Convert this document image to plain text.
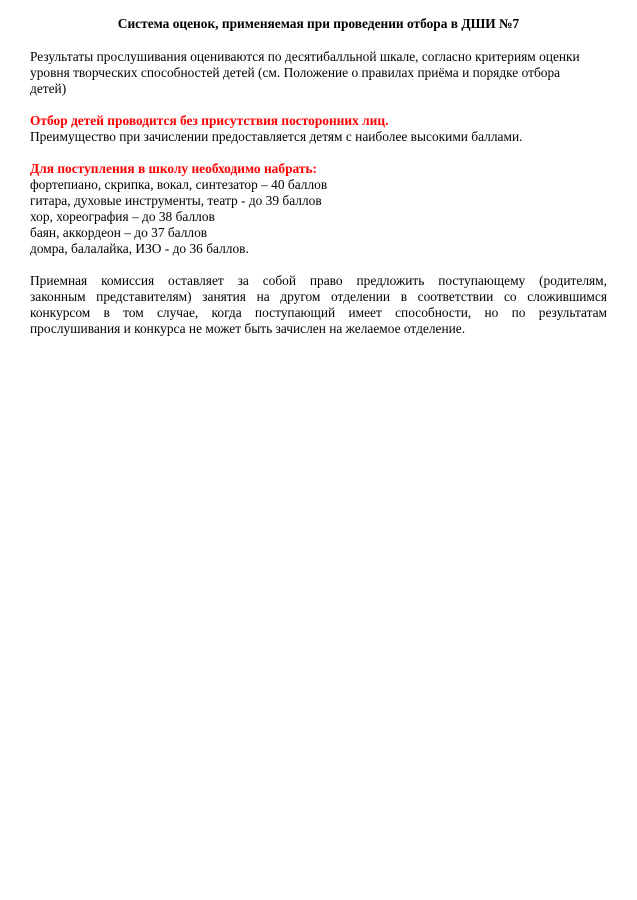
Система оценок, применяемая при проведении отбора в ДШИ №7

Результаты прослушивания оцениваются по десятибалльной шкале, согласно критериям оценки
уровня творческих способностей детей (см. Положение о правилах приёма и порядке отбора
детей)

Отбор детей проводится без присутствия посторонних лиц.
Преимущество при зачислении предоставляется детям с наиболее высокими баллами.

Для поступления в школу необходимо набрать:
фортепиано, скрипка, вокал, синтезатор – 40 баллов
гитара, духовые инструменты, театр - до 39 баллов
хор, хореография – до 38 баллов
баян, аккордеон – до 37 баллов
домра, балалайка, ИЗО - до 36 баллов.

Приемная комиссия оставляет за собой право предложить поступающему (родителям,
законным представителям) занятия на другом отделении в соответствии со сложившимся
конкурсом в том случае, когда поступающий имеет способности, но по результатам
прослушивания и конкурса не может быть зачислен на желаемое отделение.
